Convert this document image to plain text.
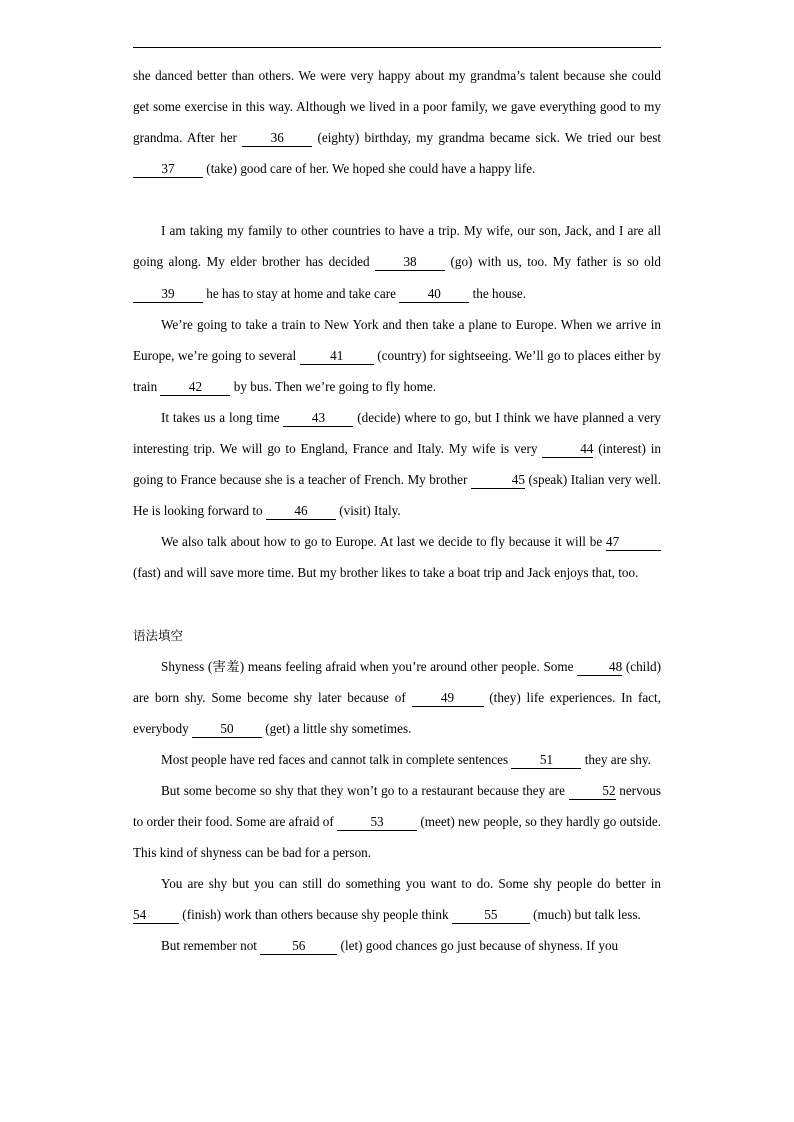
she danced better than others. We were very happy about my grandma’s talent because she could get some exercise in this way. Although we lived in a poor family, we gave everything good to my grandma. After her 36 (eighty) birthday, my grandma became sick. We tried our best 37 (take) good care of her. We hoped she could have a happy life.

I am taking my family to other countries to have a trip. My wife, our son, Jack, and I are all going along. My elder brother has decided 38 (go) with us, too. My father is so old 39 he has to stay at home and take care 40 the house.

We’re going to take a train to New York and then take a plane to Europe. When we arrive in Europe, we’re going to several 41 (country) for sightseeing. We’ll go to places either by train 42 by bus. Then we’re going to fly home.

It takes us a long time 43 (decide) where to go, but I think we have planned a very interesting trip. We will go to England, France and Italy. My wife is very	44 (interest) in going to France because she is a teacher of French. My brother	45 (speak) Italian very well. He is looking forward to 46 (visit) Italy.

We also talk about how to go to Europe. At last we decide to fly because it will be 47 (fast) and will save more time. But my brother likes to take a boat trip and Jack enjoys that, too.

语法填空

Shyness (害羞) means feeling afraid when you’re around other people. Some 48 (child) are born shy. Some become shy later because of 49 (they) life experiences. In fact, everybody 50 (get) a little shy sometimes.

Most people have red faces and cannot talk in complete sentences 51 they are shy.

But some become so shy that they won’t go to a restaurant because they are	52 nervous to order their food. Some are afraid of	53	(meet) new people, so they hardly go outside. This kind of shyness can be bad for a person.

You are shy but you can still do something you want to do. Some shy people do better in 54 (finish) work than others because shy people think 55 (much) but talk less.

But remember not 56 (let) good chances go just because of shyness. If you
